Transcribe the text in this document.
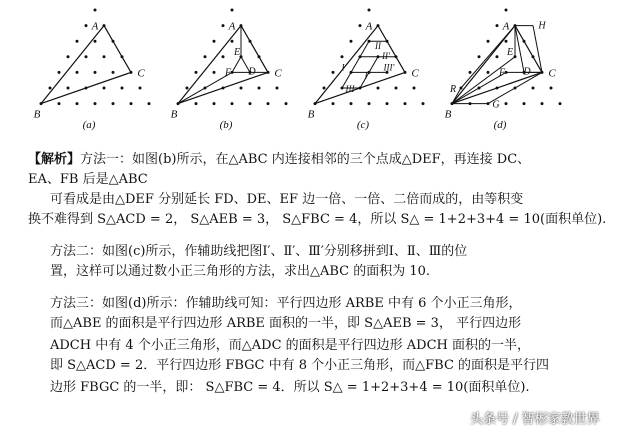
A
B
C
(a)
A
B
C
(b)
D
E
F
A
B
C
(c)
I
I′
II
II′
III
III′
A
B
C
(d)
E
F D
H
R
G
【解析】方法一：如图(b)所示，在△ABC 内连接相邻的三个点成△DEF，再连接 DC、
EA、FB 后是△ABC
可看成是由△DEF 分别延长 FD、DE、EF 边一倍、一倍、二倍而成的，由等积变
换不难得到 S△ACD = 2， S△AEB = 3， S△FBC = 4，所以 S△ = 1+2+3+4 = 10(面积单位).
方法二：如图(c)所示，作辅助线把图Ⅰ′、Ⅱ′、Ⅲ′分别移拼到Ⅰ、Ⅱ、Ⅲ的位
置，这样可以通过数小正三角形的方法，求出△ABC 的面积为 10.
方法三：如图(d)所示：作辅助线可知：平行四边形 ARBE 中有 6 个小正三角形，
而△ABE 的面积是平行四边形 ARBE 面积的一半，即 S△AEB = 3， 平行四边形
ADCH 中有 4 个小正三角形，而△ADC 的面积是平行四边形 ADCH 面积的一半，
即 S△ACD = 2．平行四边形 FBGC 中有 8 个小正三角形，而△FBC 的面积是平行四
边形 FBGC 的一半，即： S△FBC = 4．所以 S△ = 1+2+3+4 = 10(面积单位).
头条号 / 智彬家教世界
